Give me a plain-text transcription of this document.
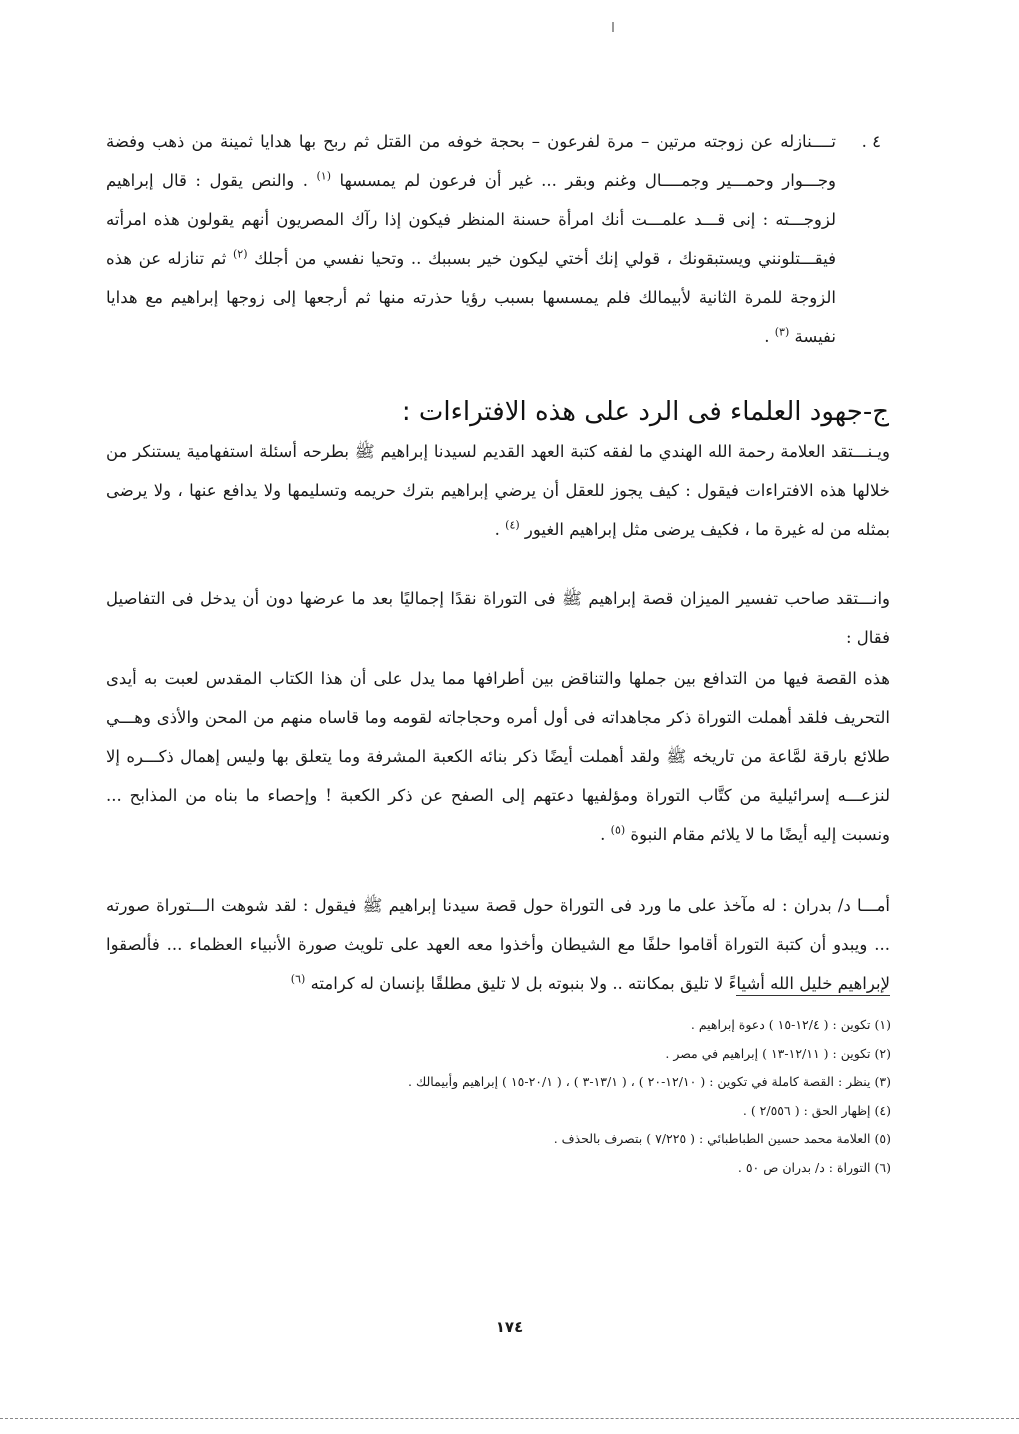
٤ .
تــــنازله عن زوجته مرتين – مرة لفرعون – بحجة خوفه من القتل ثم ربح بها هدايا ثمينة من ذهب وفضة وجـــوار وحمـــير وجمــــال وغنم وبقر ... غير أن فرعون لم يمسسها $^{(١)}$ . والنص يقول : قال إبراهيم لزوجـــته : إنى قـــد علمـــت أنك امرأة حسنة المنظر فيكون إذا رآك المصريون أنهم يقولون هذه امرأته فيقـــتلونني ويستبقونك ، قولي إنك أختي ليكون خير بسببك .. وتحيا نفسي من أجلك $^{(٢)}$ ثم تنازله عن هذه الزوجة للمرة الثانية لأبيمالك فلم يمسسها بسبب رؤيا حذرته منها ثم أرجعها إلى زوجها إبراهيم مع هدايا نفيسة $^{(٣)}$ .
ج-جهود العلماء فى الرد على هذه الافتراءات :
ويـنـــتقد العلامة رحمة الله الهندي ما لفقه كتبة العهد القديم لسيدنا إبراهيم ﷺ بطرحه أسئلة استفهامية يستنكر من خلالها هذه الافتراءات فيقول : كيف يجوز للعقل أن يرضي إبراهيم بترك حريمه وتسليمها ولا يدافع عنها ، ولا يرضى بمثله من له غيرة ما ، فكيف يرضى مثل إبراهيم الغيور $^{(٤)}$ .
وانـــتقد صاحب تفسير الميزان قصة إبراهيم ﷺ فى التوراة نقدًا إجماليًا بعد ما عرضها دون أن يدخل فى التفاصيل فقال :
هذه القصة فيها من التدافع بين جملها والتناقض بين أطرافها مما يدل على أن هذا الكتاب المقدس لعبت به أيدى التحريف فلقد أهملت التوراة ذكر مجاهداته فى أول أمره وحجاجاته لقومه وما قاساه منهم من المحن والأذى وهـــي طلائع بارقة لمَّاعة من تاريخه ﷺ ولقد أهملت أيضًا ذكر بنائه الكعبة المشرفة وما يتعلق بها وليس إهمال ذكـــره إلا لنزعـــه إسرائيلية من كتَّاب التوراة ومؤلفيها دعتهم إلى الصفح عن ذكر الكعبة ! وإحصاء ما بناه من المذابح ... ونسبت إليه أيضًا ما لا يلائم مقام النبوة $^{(٥)}$ .
أمـــا د/ بدران : له مآخذ على ما ورد فى التوراة حول قصة سيدنا إبراهيم ﷺ فيقول : لقد شوهت الـــتوراة صورته ... ويبدو أن كتبة التوراة أقاموا حلفًا مع الشيطان وأخذوا معه العهد على تلويث صورة الأنبياء العظماء ... فألصقوا لإبراهيم خليل الله أشياءً لا تليق بمكانته .. ولا بنبوته بل لا تليق مطلقًا بإنسان له كرامته $^{(٦)}$
(١) تكوين : ( ١٢/٤-١٥ ) دعوة إبراهيم .
(٢) تكوين : ( ١٢/١١-١٣ ) إبراهيم في مصر .
(٣) ينظر : القصة كاملة في تكوين : ( ١٢/١٠-٢٠ ) ، ( ١٣/١-٣ ) ، ( ٢٠/١-١٥ ) إبراهيم وأبيمالك .
(٤) إظهار الحق : ( ٢/٥٥٦ ) .
(٥) العلامة محمد حسين الطباطبائي : ( ٧/٢٢٥ ) بتصرف بالحذف .
(٦) التوراة : د/ بدران ص ٥٠ .
١٧٤
